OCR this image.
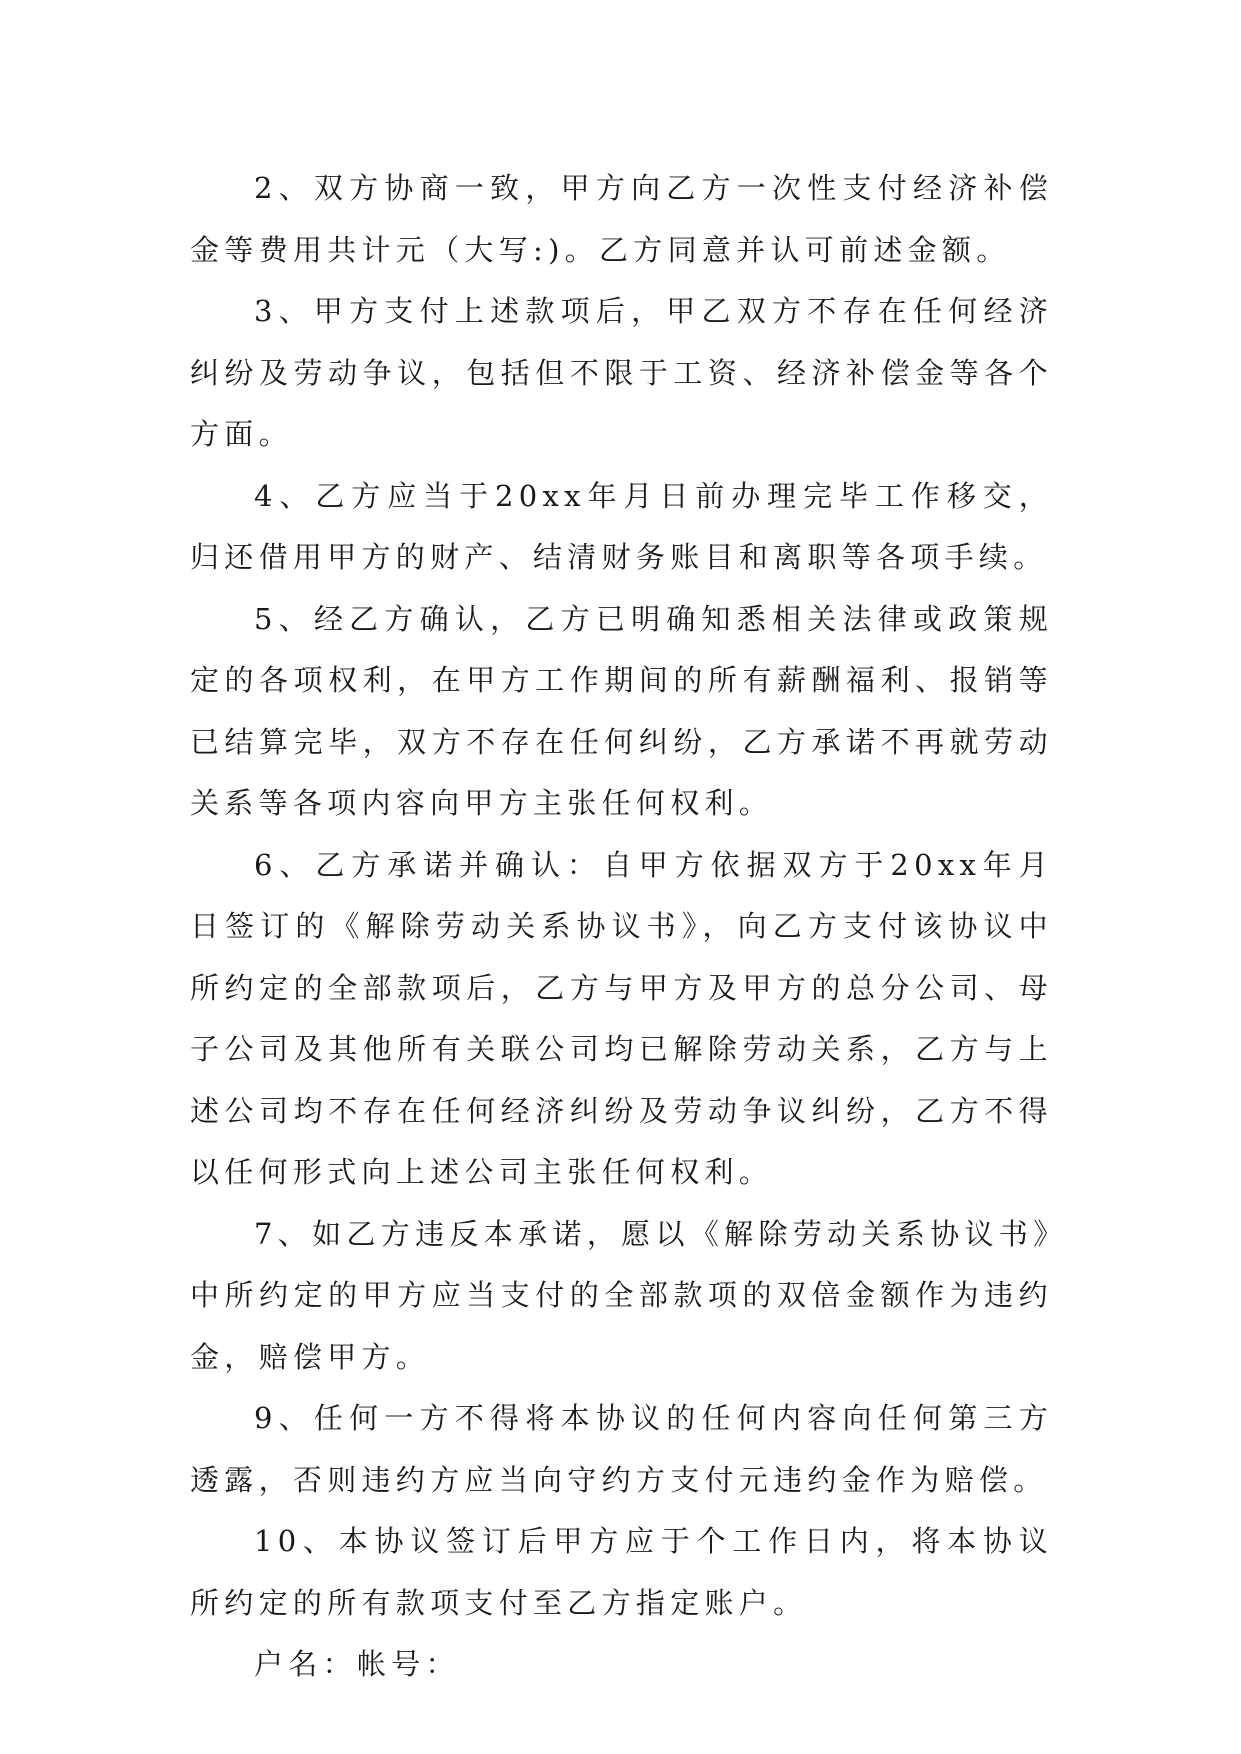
2、双方协商一致，甲方向乙方一次性支付经济补偿金等费用共计元（大写:)。乙方同意并认可前述金额。

3、甲方支付上述款项后，甲乙双方不存在任何经济纠纷及劳动争议，包括但不限于工资、经济补偿金等各个方面。

4、乙方应当于20xx年月日前办理完毕工作移交，归还借用甲方的财产、结清财务账目和离职等各项手续。

5、经乙方确认，乙方已明确知悉相关法律或政策规定的各项权利，在甲方工作期间的所有薪酬福利、报销等已结算完毕，双方不存在任何纠纷，乙方承诺不再就劳动关系等各项内容向甲方主张任何权利。

6、乙方承诺并确认：自甲方依据双方于20xx年月日签订的《解除劳动关系协议书》，向乙方支付该协议中所约定的全部款项后，乙方与甲方及甲方的总分公司、母子公司及其他所有关联公司均已解除劳动关系，乙方与上述公司均不存在任何经济纠纷及劳动争议纠纷，乙方不得以任何形式向上述公司主张任何权利。

7、如乙方违反本承诺，愿以《解除劳动关系协议书》中所约定的甲方应当支付的全部款项的双倍金额作为违约金，赔偿甲方。

9、任何一方不得将本协议的任何内容向任何第三方透露，否则违约方应当向守约方支付元违约金作为赔偿。

10、本协议签订后甲方应于个工作日内，将本协议所约定的所有款项支付至乙方指定账户。

户名：帐号：
